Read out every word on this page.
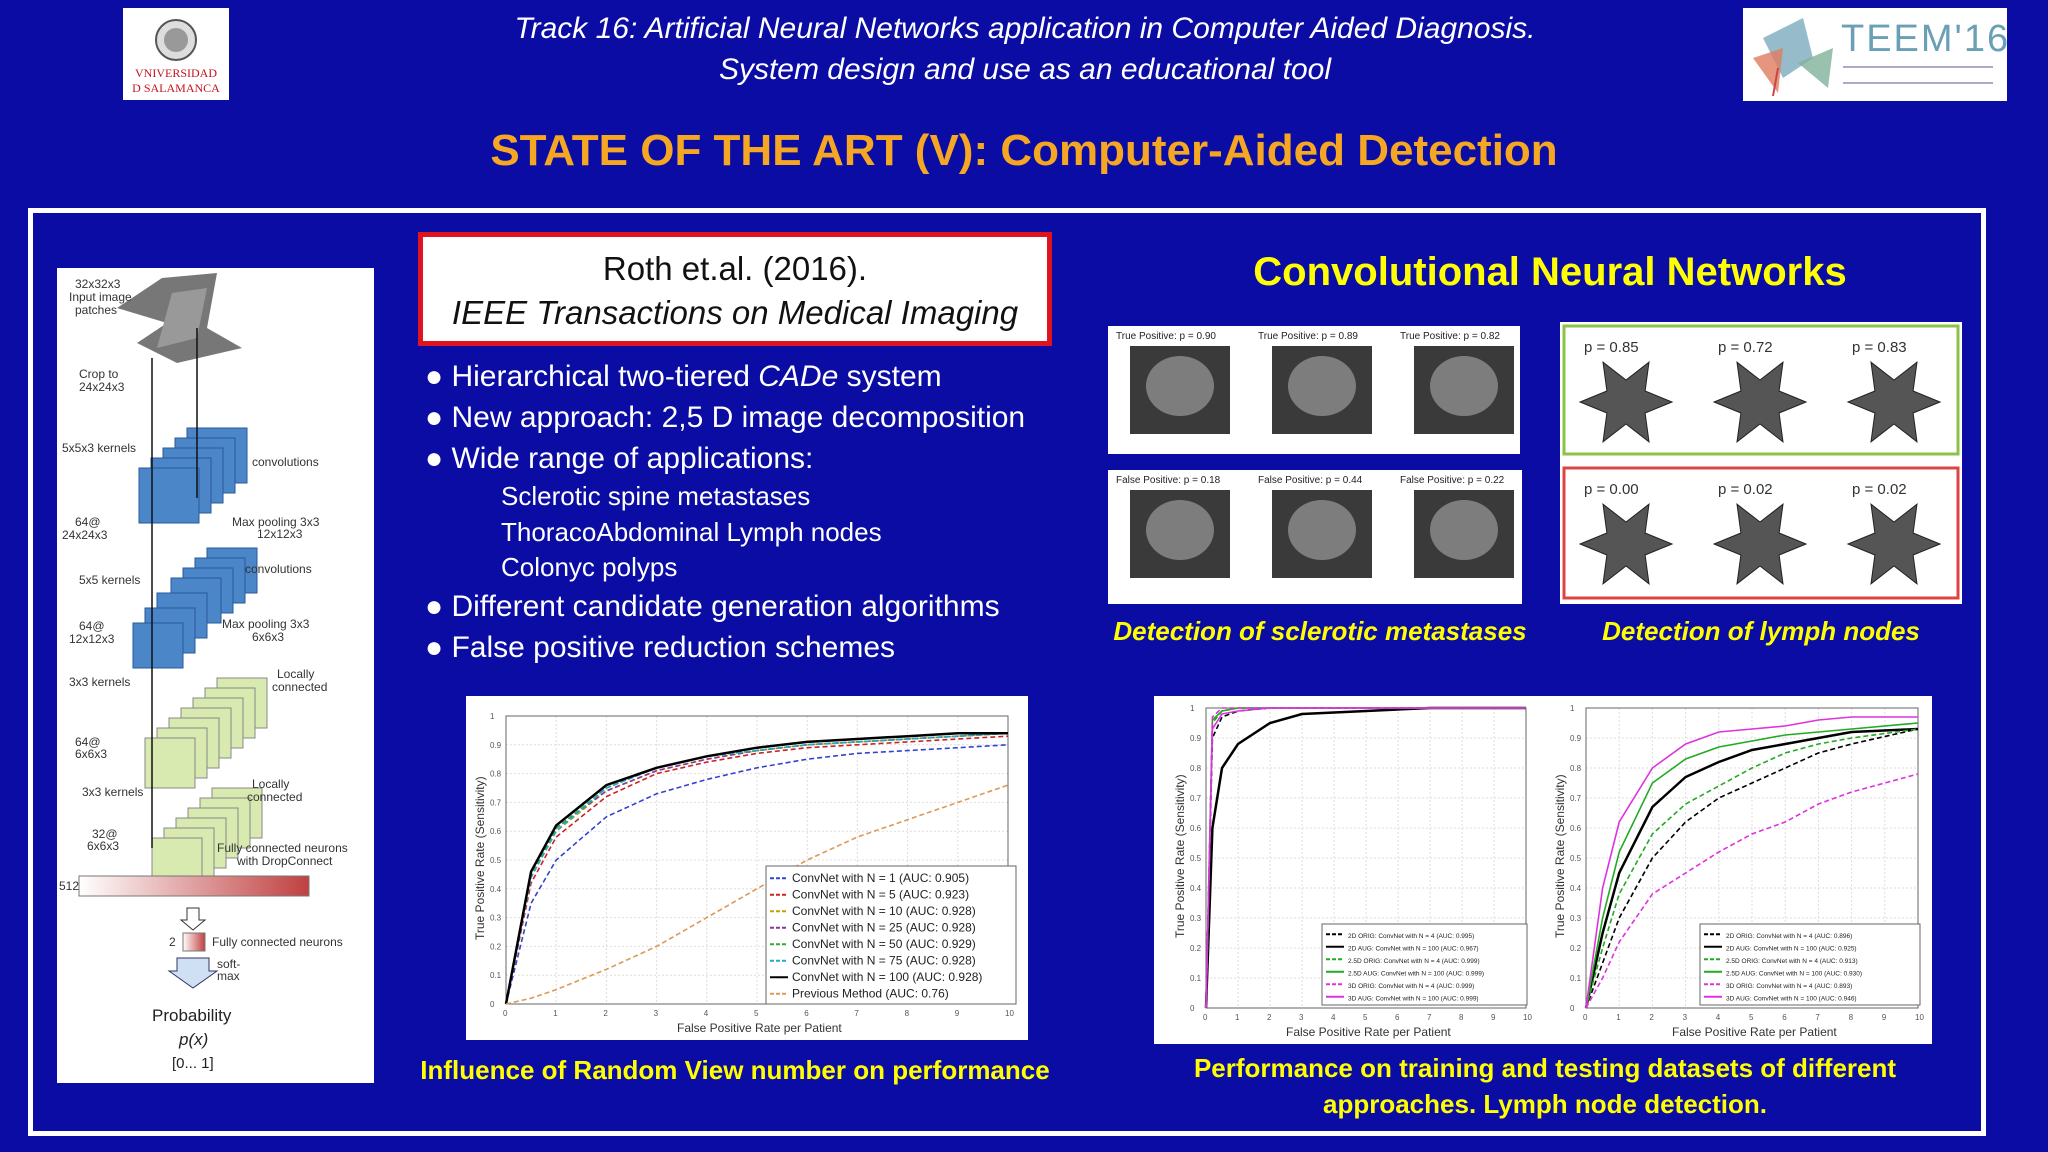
VNIVERSIDAD
D SALAMANCA
Track 16: Artificial Neural Networks application in Computer Aided Diagnosis.
System design and use as an educational tool
TEEM'16
STATE OF THE ART (V): Computer-Aided Detection
32x32x3
Input image
patches
Crop to
24x24x3
5x5x3 kernels
convolutions
64@
24x24x3
Max pooling 3x3
12x12x3
5x5 kernels
convolutions
64@
12x12x3
Max pooling 3x3
6x6x3
3x3 kernels
Locally
connected
64@
6x6x3
3x3 kernels
Locally
connected
32@
6x6x3	Fully connected neurons
with DropConnect
512
2	Fully connected neurons
soft-
max
Probability
p(x)
[0... 1]
Roth et.al. (2016).
IEEE Transactions on Medical Imaging
● Hierarchical two-tiered CADe system
● New approach: 2,5 D image decomposition
● Wide range of applications:
Sclerotic spine metastases
ThoracoAbdominal Lymph nodes
Colonyc polyps
● Different candidate generation algorithms
● False positive reduction schemes
Convolutional Neural Networks
True Positive: p = 0.90	True Positive: p = 0.89	True Positive: p = 0.82
False Positive: p = 0.18	False Positive: p = 0.44	False Positive: p = 0.22
Detection of sclerotic metastases
p = 0.85	p = 0.72	p = 0.83
p = 0.00	p = 0.02	p = 0.02
Detection of lymph nodes
0	1	2	3	4	5	6	7	8	9	10
0
0.1
0.2
0.3
0.4
0.5
0.6
0.7
0.8
0.9
1
False Positive Rate per Patient
True Positive Rate (Sensitivity)	ConvNet with N = 1 (AUC: 0.905)
ConvNet with N = 5 (AUC: 0.923)
ConvNet with N = 10 (AUC: 0.928)
ConvNet with N = 25 (AUC: 0.928)
ConvNet with N = 50 (AUC: 0.929)
ConvNet with N = 75 (AUC: 0.928)
ConvNet with N = 100 (AUC: 0.928)
Previous Method (AUC: 0.76)
Influence of Random View number on performance
0	1	2	3	4	5	6	7	8	9	10
0
0.1
0.2
0.3
0.4
0.5
0.6
0.7
0.8
0.9
1
False Positive Rate per Patient
True Positive Rate (Sensitivity)	2D ORIG: ConvNet with N = 4 (AUC: 0.995)
2D AUG: ConvNet with N = 100 (AUC: 0.967)
2.5D ORIG: ConvNet with N = 4 (AUC: 0.999)
2.5D AUG: ConvNet with N = 100 (AUC: 0.999)
3D ORIG: ConvNet with N = 4 (AUC: 0.999)
3D AUG: ConvNet with N = 100 (AUC: 0.999)
0	1	2	3	4	5	6	7	8	9	10
0
0.1
0.2
0.3
0.4
0.5
0.6
0.7
0.8
0.9
1
False Positive Rate per Patient
True Positive Rate (Sensitivity)	2D ORIG: ConvNet with N = 4 (AUC: 0.896)
2D AUG: ConvNet with N = 100 (AUC: 0.925)
2.5D ORIG: ConvNet with N = 4 (AUC: 0.913)
2.5D AUG: ConvNet with N = 100 (AUC: 0.930)
3D ORIG: ConvNet with N = 4 (AUC: 0.893)
3D AUG: ConvNet with N = 100 (AUC: 0.946)
Performance on training and testing datasets of different
approaches. Lymph node detection.
